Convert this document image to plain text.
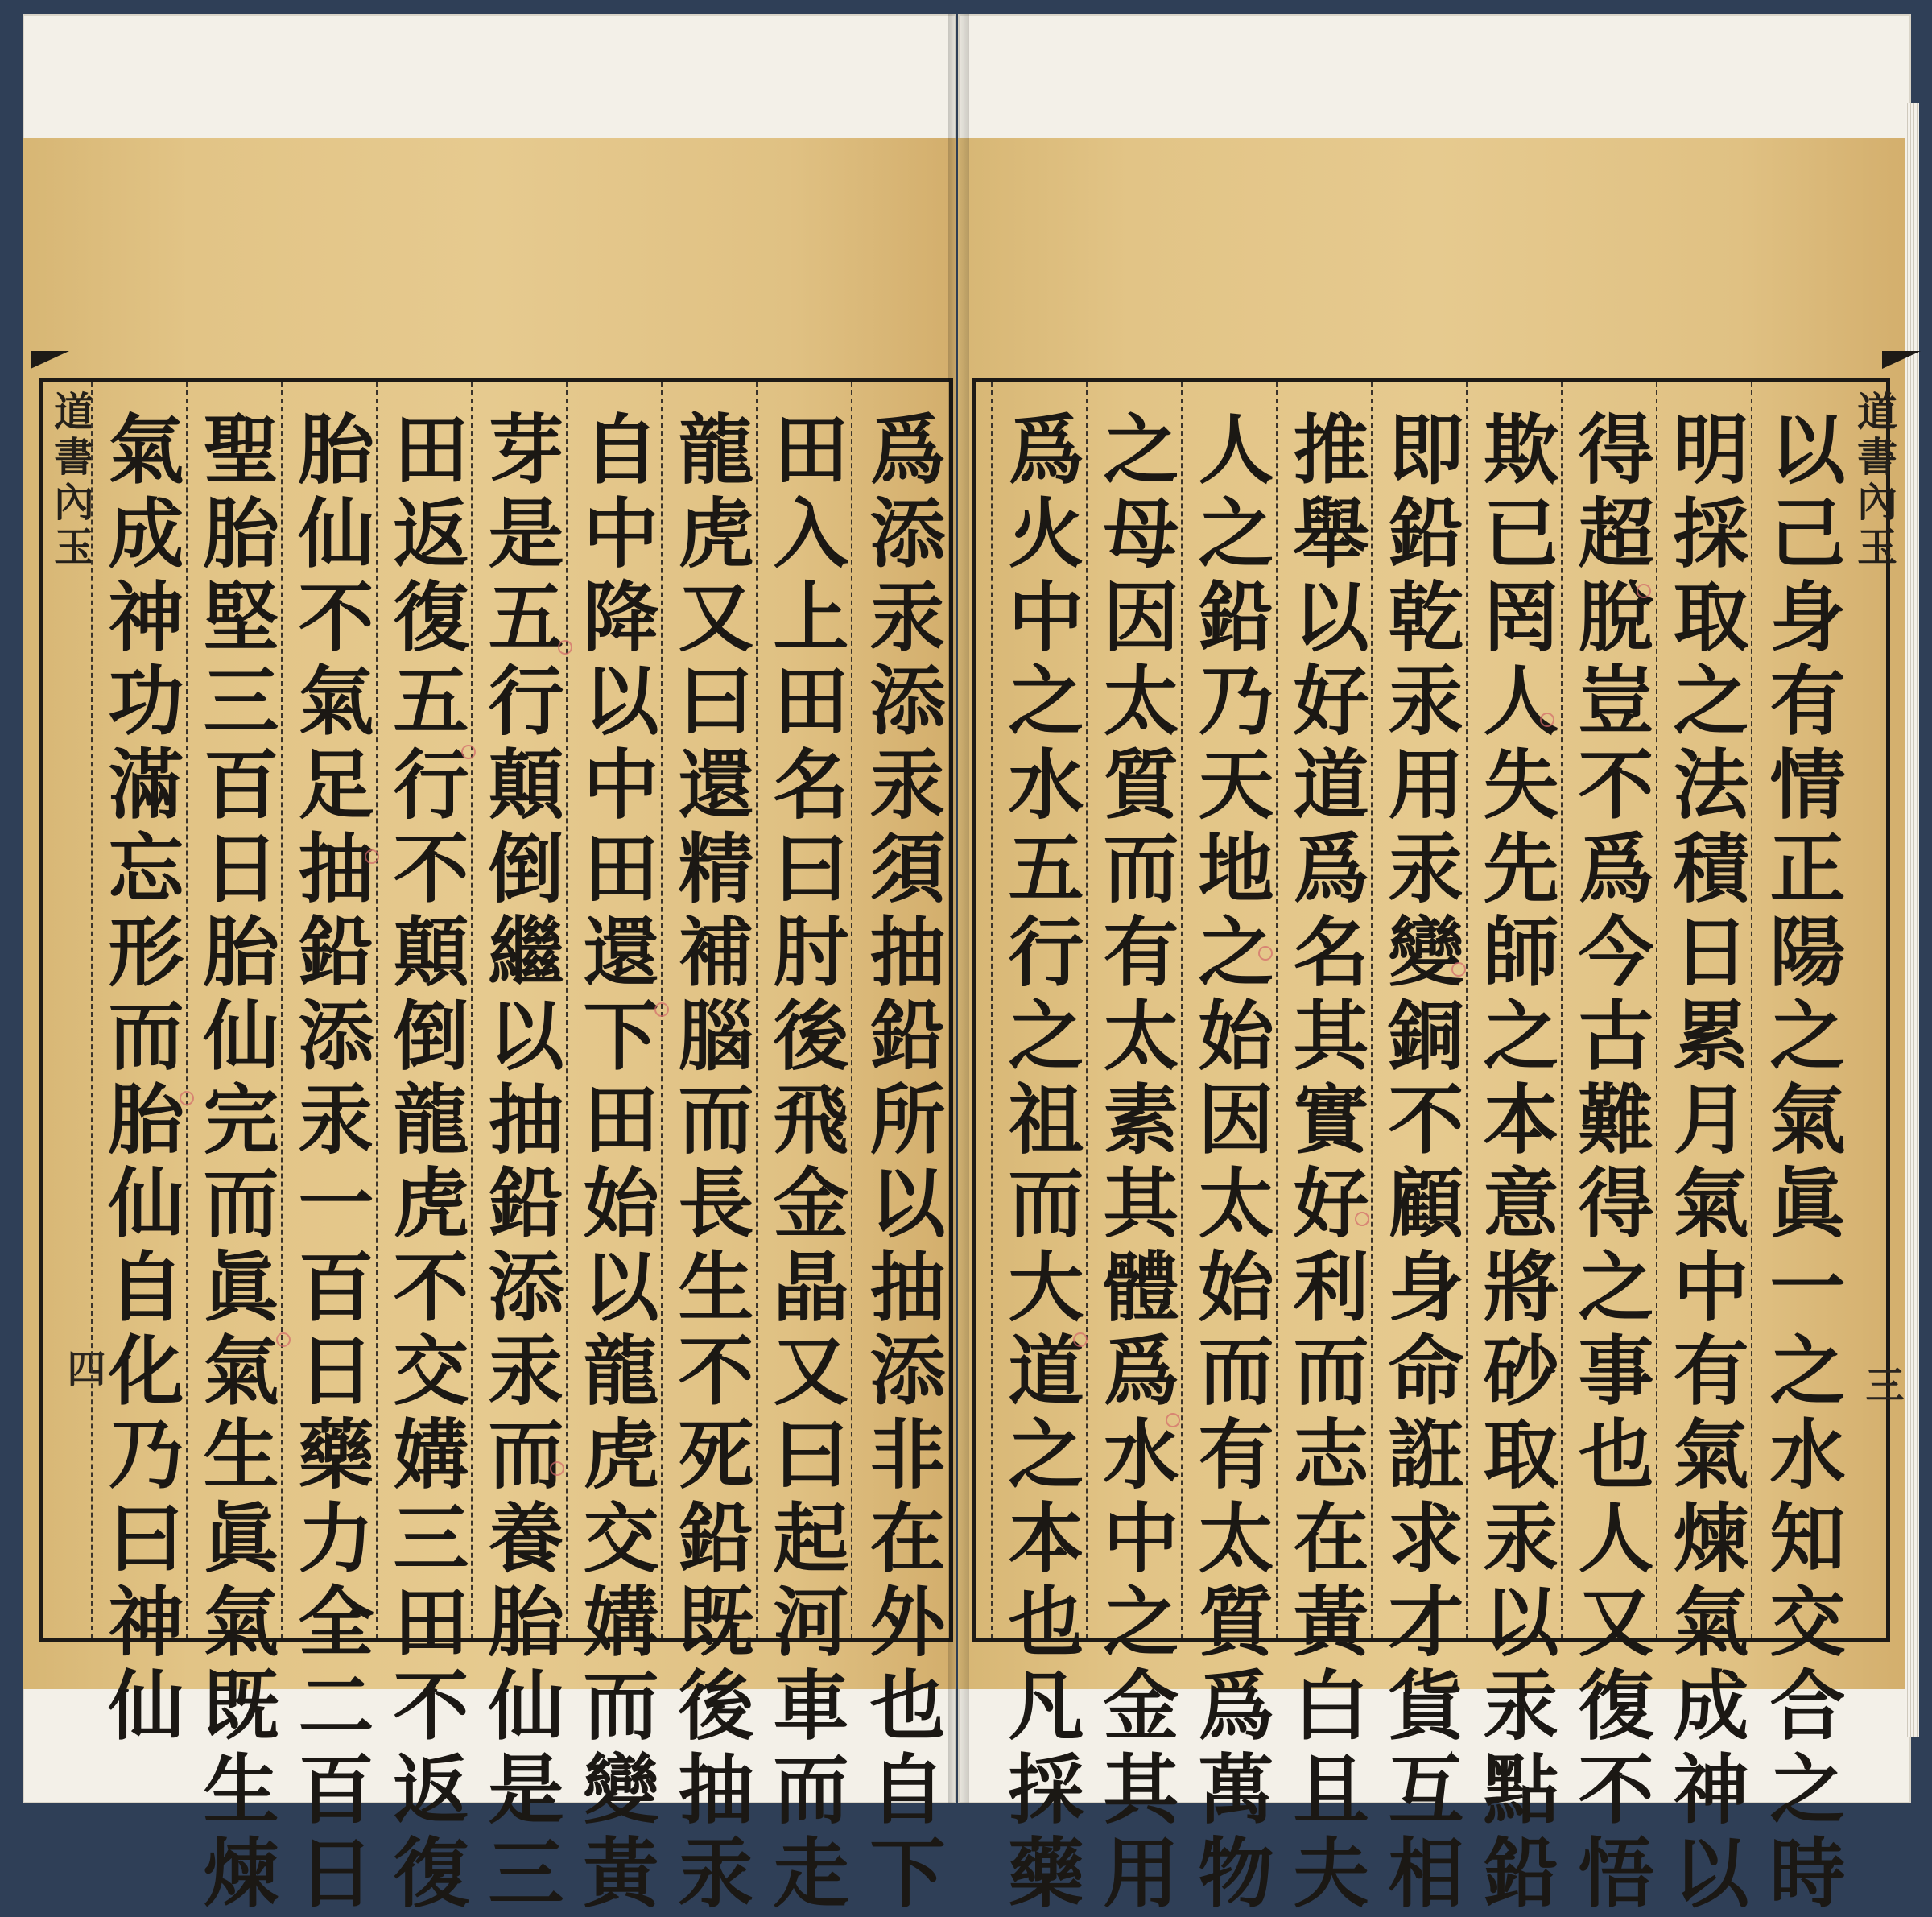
道書內玉
四	爲添汞添汞須抽鉛所以抽添非在外也自下
田入上田名曰肘後飛金晶又曰起河車而走
龍虎又曰還精補腦而長生不死鉛既後抽汞
自中降以中田還下田始以龍虎交媾而變黃
芽是五行顛倒繼以抽鉛添汞而養胎仙是三
田返復五行不顛倒龍虎不交媾三田不返復
胎仙不氣足抽鉛添汞一百日藥力全二百日
聖胎堅三百日胎仙完而眞氣生眞氣既生煉
氣成神功滿忘形而胎仙自化乃曰神仙	道書內玉
三
以己身有情正陽之氣眞一之水知交合之時
明採取之法積日累月氣中有氣煉氣成神以
得超脫豈不爲今古難得之事也人又復不悟
欺已罔人失先師之本意將砂取汞以汞點鉛
即鉛乾汞用汞變銅不顧身命誑求才貨互相
推舉以好道爲名其實好利而志在黃白且夫
人之鉛乃天地之始因太始而有太質爲萬物
之母因太質而有太素其體爲水中之金其用
爲火中之水五行之祖而大道之本也凡採藥
